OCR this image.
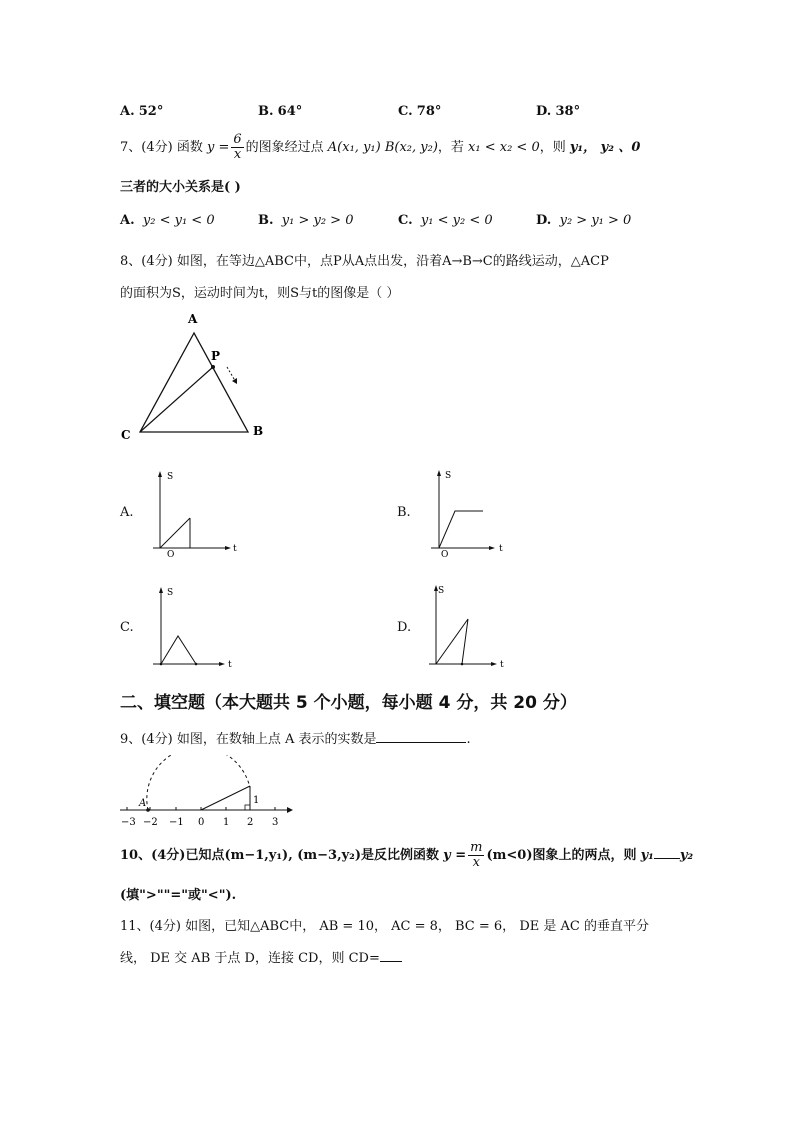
A. 52°	B. 64°	C. 78°	D. 38°
7、(4分) 函数 $y = \frac{6}{x}$ 的图象经过点 A(x₁, y₁) B(x₂, y₂)，若 x₁ < x₂ < 0，则 y₁， y₂ 、0
三者的大小关系是( )
A. y₂ < y₁ < 0	B. y₁ > y₂ > 0	C. y₁ < y₂ < 0	D. y₂ > y₁ > 0
8、(4分) 如图，在等边△ABC中，点P从A点出发，沿着A→B→C的路线运动，△ACP
的面积为S，运动时间为t，则S与t的图像是（ ）
A
P
C	B
A.
S
t
O
B.
S
t
O
C.
S
t
D.
S
t
二、填空题（本大题共 5 个小题，每小题 4 分，共 20 分）
9、(4分) 如图，在数轴上点 A 表示的实数是	.
A	1
−3 −2 −1 0 1 2 3
10、(4分)已知点(m−1,y₁), (m−3,y₂)是反比例函数 $y = \frac{m}{x} (m<0)$图象上的两点，则 y₁ y₂
(填">""="或"<").
11、(4分) 如图，已知△ABC中， AB = 10， AC = 8， BC = 6， DE 是 AC 的垂直平分
线， DE 交 AB 于点 D，连接 CD，则 CD=
